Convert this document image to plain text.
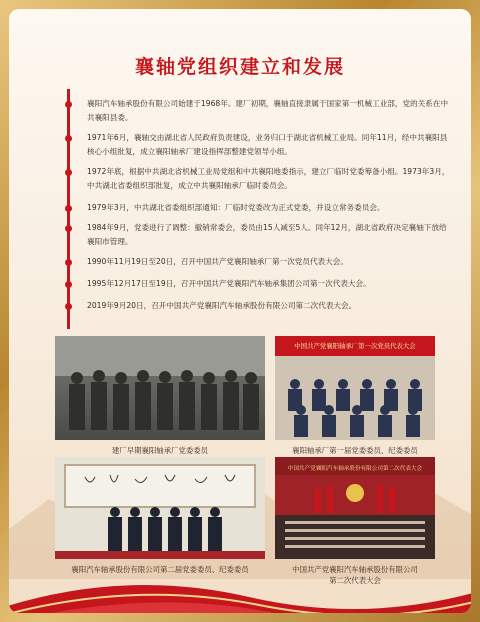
襄轴党组织建立和发展
襄阳汽车轴承股份有限公司始建于1968年。建厂初期，襄轴直接隶属于国家第一机械工业部，党的关系在中共襄阳县委。
1971年6月，襄轴交由湖北省人民政府负责建设，业务归口于湖北省机械工业局。同年11月，经中共襄阳县核心小组批复，成立襄阳轴承厂建设指挥部整建党领导小组。
1972年底，根据中共湖北省机械工业局党组和中共襄阳地委指示，建立厂临时党委筹备小组。1973年3月，中共湖北省委组织部批复，成立中共襄阳轴承厂临时委员会。
1979年3月，中共湖北省委组织部通知：厂临时党委改为正式党委，并设立常务委员会。
1984年9月，党委进行了调整：撤销常委会，委员由15人减至5人。同年12月，湖北省政府决定襄轴下放给襄阳市管理。
1990年11月19日至20日，召开中国共产党襄阳轴承厂第一次党员代表大会。
1995年12月17日至19日，召开中国共产党襄阳汽车轴承集团公司第一次代表大会。
2019年9月20日，召开中国共产党襄阳汽车轴承股份有限公司第二次代表大会。
建厂早期襄阳轴承厂党委委员
中国共产党襄阳轴承厂第一次党员代表大会
襄阳轴承厂第一届党委委员、纪委委员
襄阳汽车轴承股份有限公司第二届党委委员、纪委委员
中国共产党襄阳汽车轴承股份有限公司第二次代表大会
中国共产党襄阳汽车轴承股份有限公司
第二次代表大会
